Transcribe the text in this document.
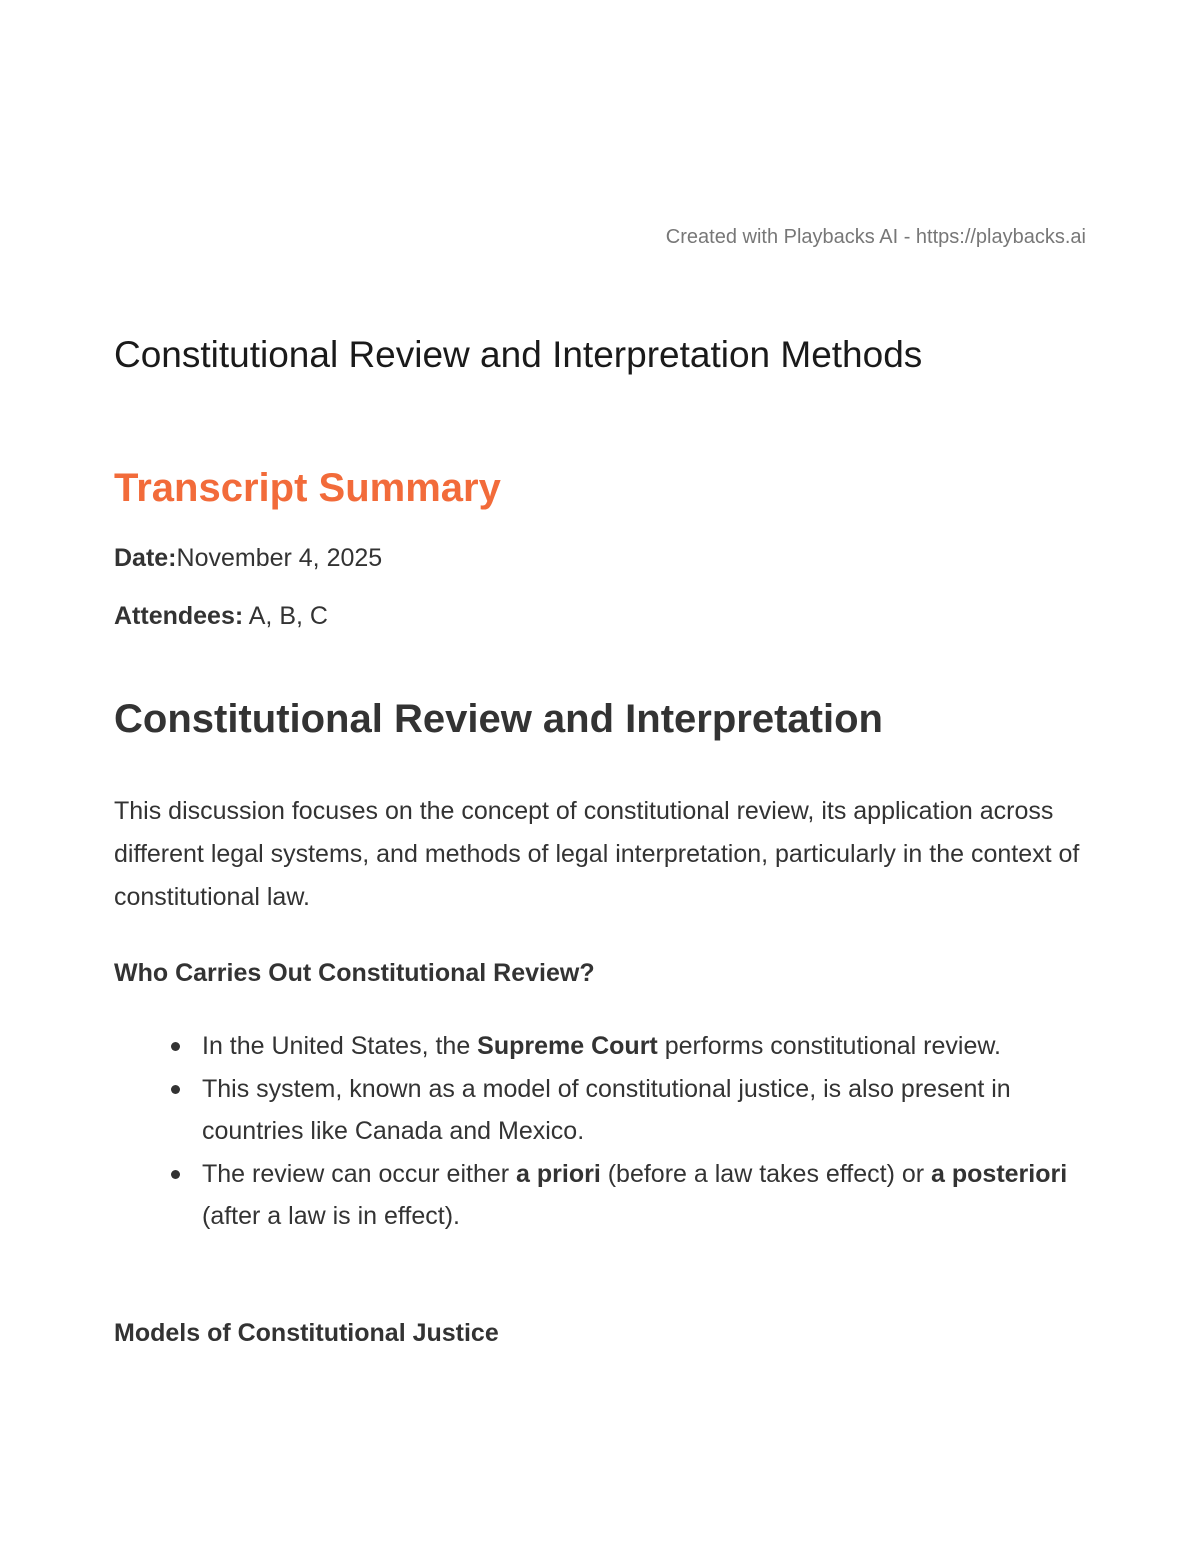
Created with Playbacks AI - https://playbacks.ai
Constitutional Review and Interpretation Methods
Transcript Summary
Date:November 4, 2025
Attendees: A, B, C
Constitutional Review and Interpretation

This discussion focuses on the concept of constitutional review, its application across different legal systems, and methods of legal interpretation, particularly in the context of constitutional law.

Who Carries Out Constitutional Review?
In the United States, the Supreme Court performs constitutional review.
This system, known as a model of constitutional justice, is also present in countries like Canada and Mexico.
The review can occur either a priori (before a law takes effect) or a posteriori (after a law is in effect).
Models of Constitutional Justice
